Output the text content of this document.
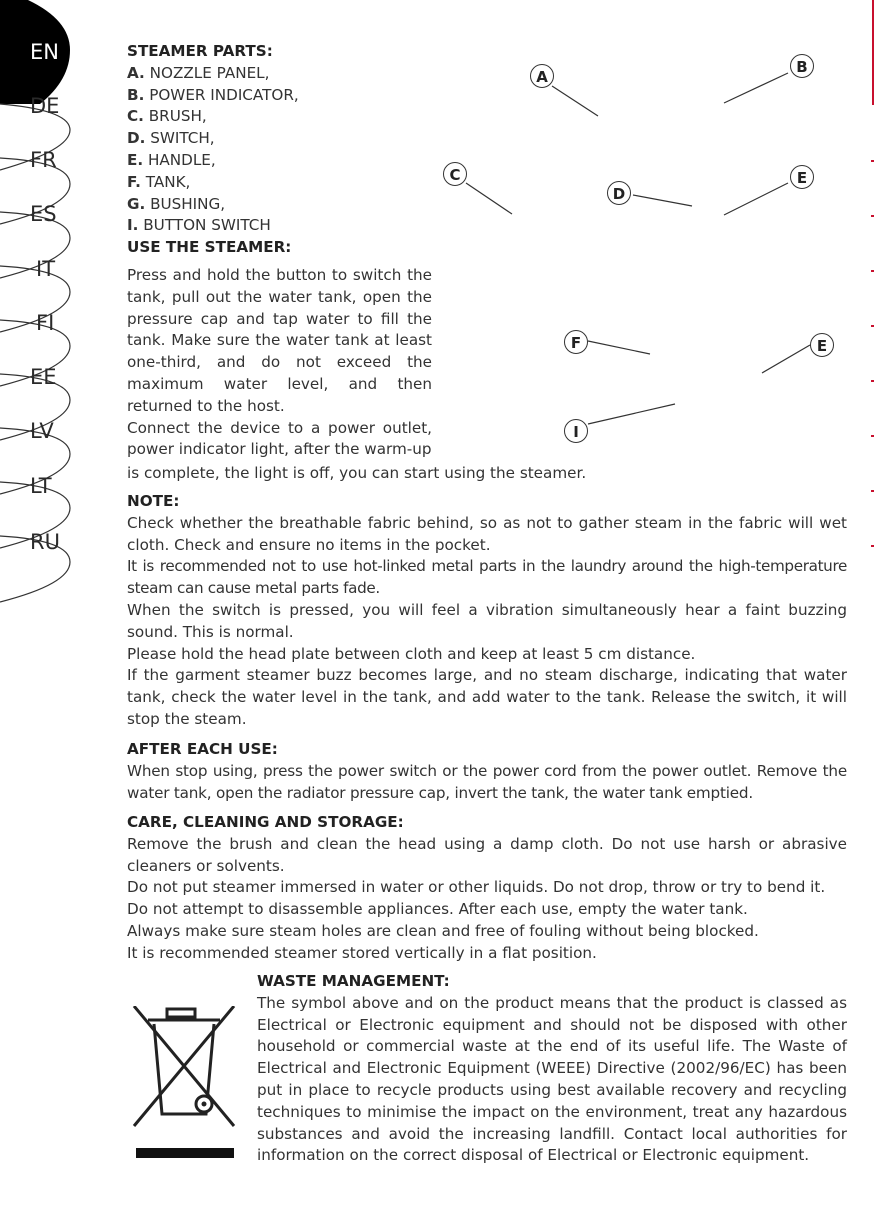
EN
DE
FR
ES
IT
FI
EE
LV
LT
RU
STEAMER PARTS:
A. NOZZLE PANEL,
B. POWER INDICATOR,
C. BRUSH,
D. SWITCH,
E. HANDLE,
F. TANK,
G. BUSHING,
I. BUTTON SWITCH
USE THE STEAMER:
A
B
C
D
E
F	E
I

Press and hold the button to switch the tank, pull out the water tank, open the pressure cap and tap water to fill the tank. Make sure the water tank at least one-third, and do not exceed the maximum water level, and then returned to the host.

Connect the device to a power outlet, power indicator light, after the warm-up

is complete, the light is off, you can start using the steamer.
NOTE:

Check whether the breathable fabric behind, so as not to gather steam in the fabric will wet cloth. Check and ensure no items in the pocket.

It is recommended not to use hot-linked metal parts in the laundry around the high-temperature steam can cause metal parts fade.

When the switch is pressed, you will feel a vibration simultaneously hear a faint buzzing sound. This is normal.

Please hold the head plate between cloth and keep at least 5 cm distance.

If the garment steamer buzz becomes large, and no steam discharge, indicating that water tank, check the water level in the tank, and add water to the tank. Release the switch, it will stop the steam.

AFTER EACH USE:

When stop using, press the power switch or the power cord from the power outlet. Remove the water tank, open the radiator pressure cap, invert the tank, the water tank emptied.

CARE, CLEANING AND STORAGE:

Remove the brush and clean the head using a damp cloth. Do not use harsh or abrasive cleaners or solvents.

Do not put steamer immersed in water or other liquids. Do not drop, throw or try to bend it.

Do not attempt to disassemble appliances. After each use, empty the water tank.

Always make sure steam holes are clean and free of fouling without being blocked.

It is recommended steamer stored vertically in a flat position.

WASTE MANAGEMENT:

The symbol above and on the product means that the product is classed as Electrical or Electronic equipment and should not be disposed with other household or commercial waste at the end of its useful life. The Waste of Electrical and Electronic Equipment (WEEE) Directive (2002/96/EC) has been put in place to recycle products using best available recovery and recycling techniques to minimise the impact on the environment, treat any hazardous substances and avoid the increasing landfill. Contact local authorities for information on the correct disposal of Electrical or Electronic equipment.
